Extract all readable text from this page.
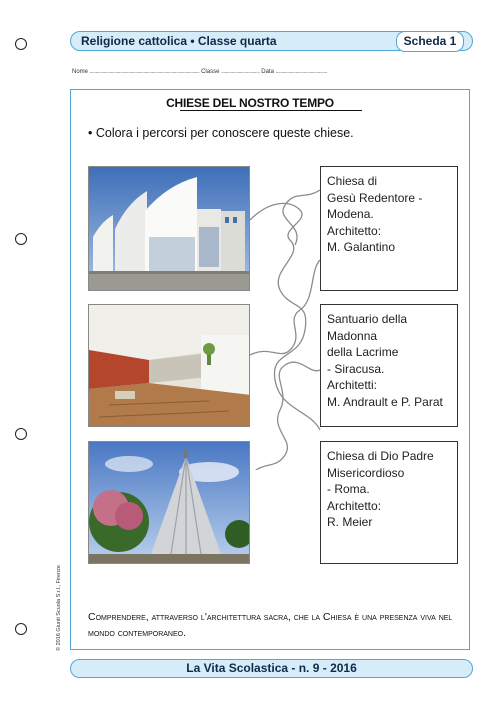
Religione cattolica • Classe quarta	Scheda 1
Nome .............................................................................................. Classe ................................. Data ............................................
CHIESE DEL NOSTRO TEMPO
• Colora i percorsi per conoscere queste chiese.
Chiesa di
Gesù Redentore -
Modena.
Architetto:
M. Galantino
Santuario della
Madonna
della Lacrime
- Siracusa.
Architetti:
M. Andrault e P. Parat
Chiesa di Dio Padre
Misericordioso
- Roma.
Architetto:
R. Meier
Comprendere, attraverso l'architettura sacra, che la Chiesa è una presenza viva nel mondo contemporaneo.
© 2016 Giunti Scuola S.r.l., Firenze
La Vita Scolastica - n. 9 - 2016
